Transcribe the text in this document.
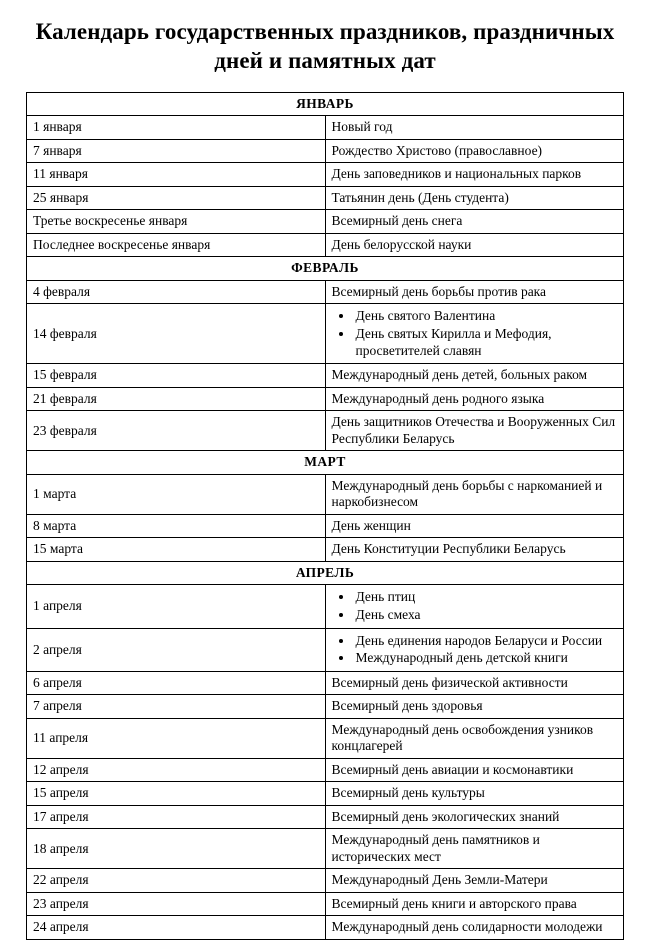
Календарь государственных праздников, праздничных дней и памятных дат
ЯНВАРЬ	
1 января	Новый год

7 января	Рождество Христово (православное)

11 января	День заповедников и национальных парков

25 января	Татьянин день (День студента)

Третье воскресенье января	Всемирный день снега

Последнее воскресенье января	День белорусской науки

ФЕВРАЛЬ	
4 февраля	Всемирный день борьбы против рака

14 февраля	
• День святого Валентина
• День святых Кирилла и Мефодия, просветителей славян

15 февраля	Международный день детей, больных раком

21 февраля	Международный день родного языка

23 февраля	День защитников Отечества и Вооруженных Сил Республики Беларусь

МАРТ	
1 марта	Международный день борьбы с наркоманией и наркобизнесом

8 марта	День женщин

15 марта	День Конституции Республики Беларусь

АПРЕЛЬ	
1 апреля	
• День птиц
• День смеха

2 апреля	
• День единения народов Беларуси и России
• Международный день детской книги

6 апреля	Всемирный день физической активности

7 апреля	Всемирный день здоровья

11 апреля	Международный день освобождения узников концлагерей

12 апреля	Всемирный день авиации и космонавтики

15 апреля	Всемирный день культуры

17 апреля	Всемирный день экологических знаний

18 апреля	Международный день памятников и исторических мест

22 апреля	Международный День Земли-Матери

23 апреля	Всемирный день книги и авторского права

24 апреля	Международный день солидарности молодежи
